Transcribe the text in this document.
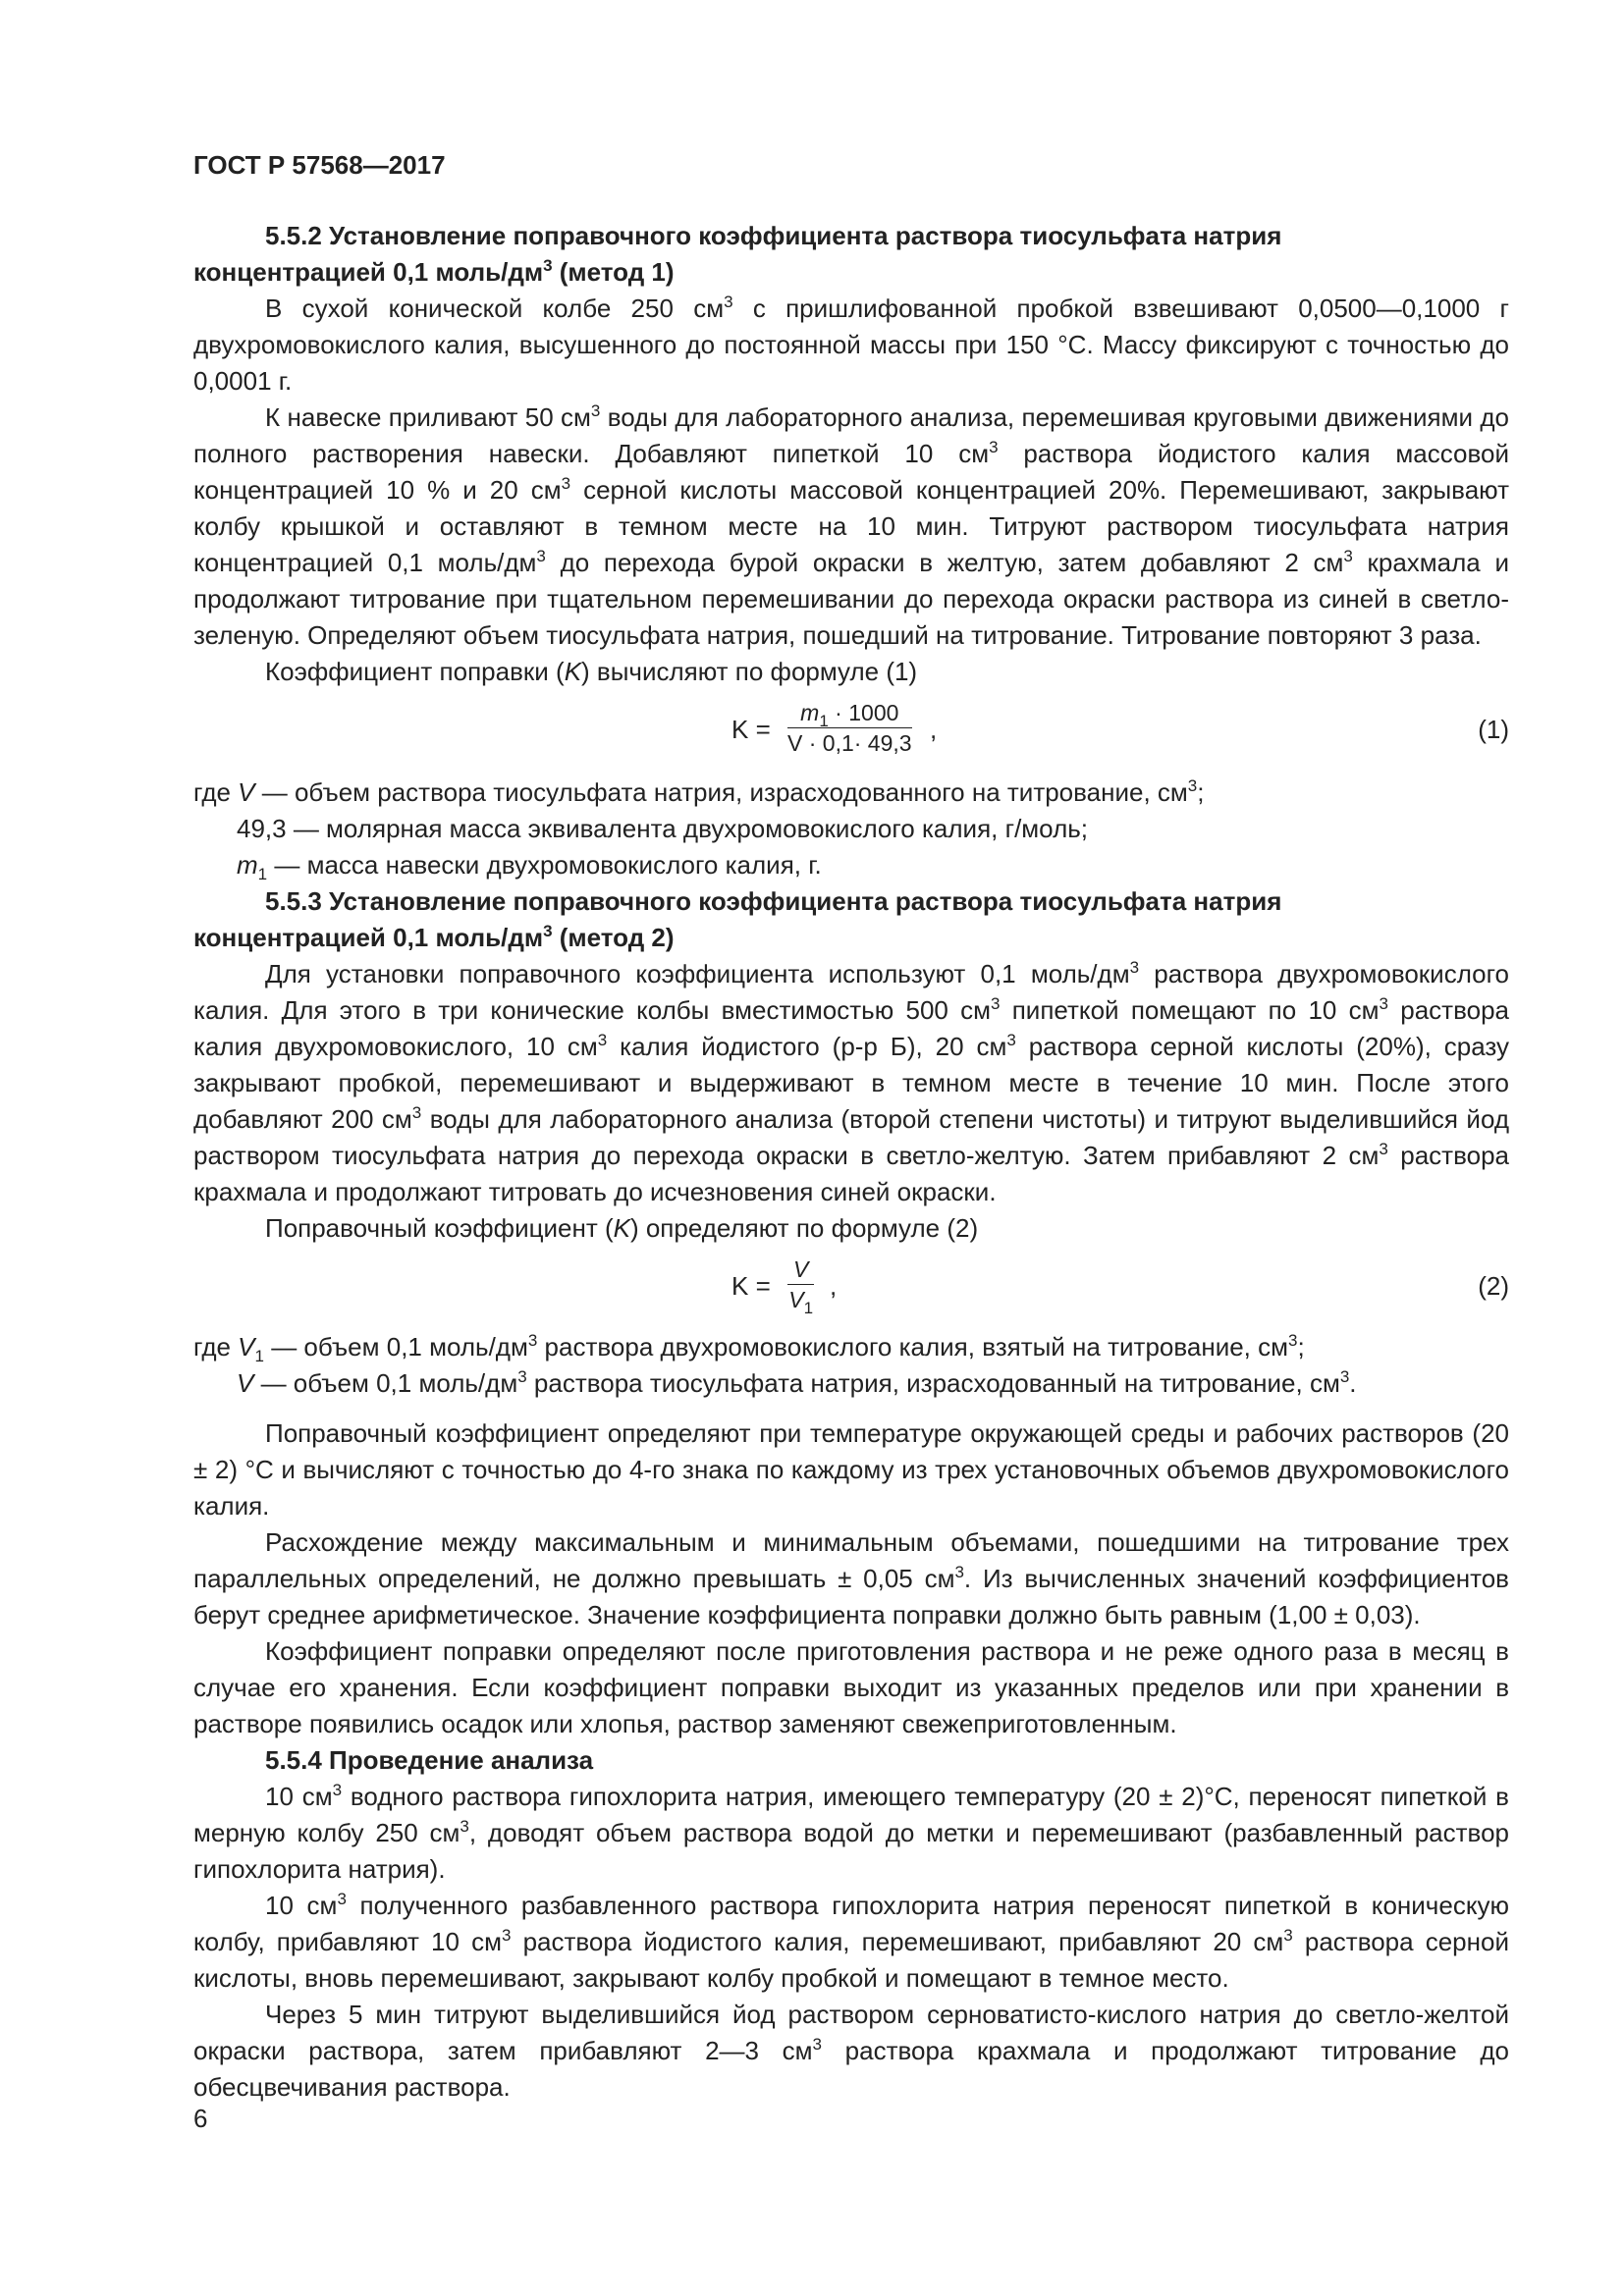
ГОСТ Р 57568—2017

5.5.2 Установление поправочного коэффициента раствора тиосульфата натрия

концентрацией 0,1 моль/$дм^3$ (метод 1)

В сухой конической колбе 250 $см^3$ с пришлифованной пробкой взвешивают 0,0500—0,1000 г двухромовокислого калия, высушенного до постоянной массы при 150 °С. Массу фиксируют с точностью до 0,0001 г.

К навеске приливают 50 $см^3$ воды для лабораторного анализа, перемешивая круговыми движениями до полного растворения навески. Добавляют пипеткой 10 $см^3$ раствора йодистого калия массовой концентрацией 10 % и 20 $см^3$ серной кислоты массовой концентрацией 20%. Перемешивают, закрывают колбу крышкой и оставляют в темном месте на 10 мин. Титруют раствором тиосульфата натрия концентрацией 0,1 моль/$дм^3$ до перехода бурой окраски в желтую, затем добавляют 2 $см^3$ крахмала и продолжают титрование при тщательном перемешивании до перехода окраски раствора из синей в светло-зеленую. Определяют объем тиосульфата натрия, пошедший на титрование. Титрование повторяют 3 раза.

Коэффициент поправки (K) вычисляют по формуле (1)

$K = \frac{m_1 \cdot 1000}{V \cdot 0,1\cdot 49,3}$ ,	(1)

где V — объем раствора тиосульфата натрия, израсходованного на титрование, $см^3$;

49,3 — молярная масса эквивалента двухромовокислого калия, г/моль;

$m_1$ — масса навески двухромовокислого калия, г.

5.5.3 Установление поправочного коэффициента раствора тиосульфата натрия

концентрацией 0,1 моль/$дм^3$ (метод 2)

Для установки поправочного коэффициента используют 0,1 моль/$дм^3$ раствора двухромовокислого калия. Для этого в три конические колбы вместимостью 500 $см^3$ пипеткой помещают по 10 $см^3$ раствора калия двухромовокислого, 10 $см^3$ калия йодистого (р-р Б), 20 $см^3$ раствора серной кислоты (20%), сразу закрывают пробкой, перемешивают и выдерживают в темном месте в течение 10 мин. После этого добавляют 200 $см^3$ воды для лабораторного анализа (второй степени чистоты) и титруют выделившийся йод раствором тиосульфата натрия до перехода окраски в светло-желтую. Затем прибавляют 2 $см^3$ раствора крахмала и продолжают титровать до исчезновения синей окраски.

Поправочный коэффициент (K) определяют по формуле (2)

$K = \frac{V}{V_1}$ ,	(2)

где $V_1$ — объем 0,1 моль/$дм^3$ раствора двухромовокислого калия, взятый на титрование, $см^3$;

V — объем 0,1 моль/$дм^3$ раствора тиосульфата натрия, израсходованный на титрование, $см^3$.

Поправочный коэффициент определяют при температуре окружающей среды и рабочих растворов (20 ± 2) °С и вычисляют с точностью до 4-го знака по каждому из трех установочных объемов двухромовокислого калия.

Расхождение между максимальным и минимальным объемами, пошедшими на титрование трех параллельных определений, не должно превышать ± 0,05 $см^3$. Из вычисленных значений коэффициентов берут среднее арифметическое. Значение коэффициента поправки должно быть равным (1,00 ± 0,03).

Коэффициент поправки определяют после приготовления раствора и не реже одного раза в месяц в случае его хранения. Если коэффициент поправки выходит из указанных пределов или при хранении в растворе появились осадок или хлопья, раствор заменяют свежеприготовленным.

5.5.4 Проведение анализа

10 $см^3$ водного раствора гипохлорита натрия, имеющего температуру (20 ± 2)°С, переносят пипеткой в мерную колбу 250 $см^3$, доводят объем раствора водой до метки и перемешивают (разбавленный раствор гипохлорита натрия).

10 $см^3$ полученного разбавленного раствора гипохлорита натрия переносят пипеткой в коническую колбу, прибавляют 10 $см^3$ раствора йодистого калия, перемешивают, прибавляют 20 $см^3$ раствора серной кислоты, вновь перемешивают, закрывают колбу пробкой и помещают в темное место.

Через 5 мин титруют выделившийся йод раствором серноватисто-кислого натрия до светло-желтой окраски раствора, затем прибавляют 2—3 $см^3$ раствора крахмала и продолжают титрование до обесцвечивания раствора.

6
